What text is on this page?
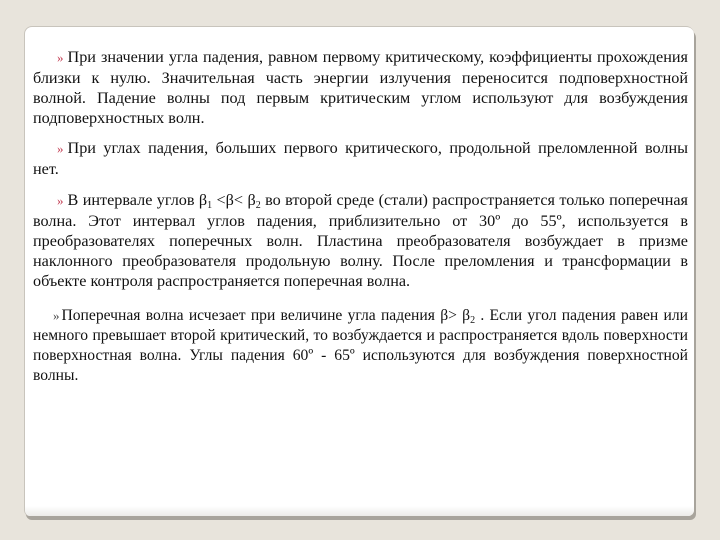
» При значении угла падения, равном первому критическому, коэффициенты прохождения близки к нулю. Значительная часть энергии излучения переносится подповерхностной волной. Падение волны под первым критическим углом используют для возбуждения подповерхностных волн.

» При углах падения, больших первого критического, продольной преломленной волны нет.

» В интервале углов $\beta_1 <\beta< \beta_2$ во второй среде (стали) распространяется только поперечная волна. Этот интервал углов падения, приблизительно от 30º до 55º, используется в преобразователях поперечных волн. Пластина преобразователя возбуждает в призме наклонного преобразователя продольную волну. После преломления и трансформации в объекте контроля распространяется поперечная волна.

» Поперечная волна исчезает при величине угла падения $\beta> \beta_2$ . Если угол падения равен или немного превышает второй критический, то возбуждается и распространяется вдоль поверхности поверхностная волна. Углы падения 60º - 65º используются для возбуждения поверхностной волны.
